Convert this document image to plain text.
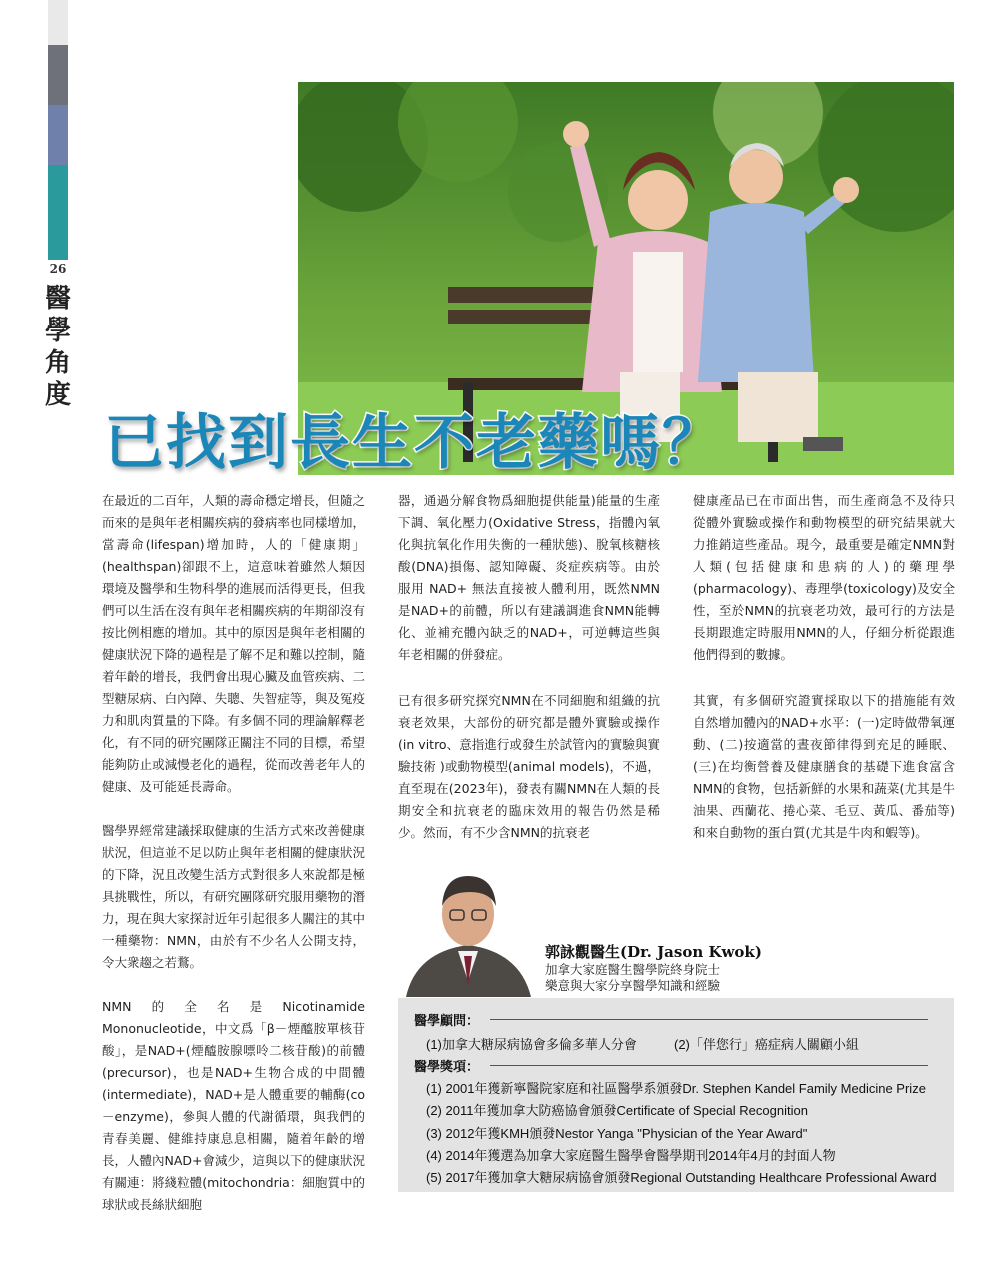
26
醫
學
角
度
已找到長生不老藥嗎？

在最近的二百年，人類的壽命穩定增長，但隨之而來的是與年老相關疾病的發病率也同樣增加，當壽命(lifespan)增加時，人的「健康期」(healthspan)卻跟不上，這意味着雖然人類因環境及醫學和生物科學的進展而活得更長，但我們可以生活在沒有與年老相關疾病的年期卻沒有按比例相應的增加。其中的原因是與年老相關的健康狀況下降的過程是了解不足和難以控制，隨着年齡的增長，我們會出現心臟及血管疾病、二型糖尿病、白內障、失聰、失智症等，與及冤疫力和肌肉質量的下降。有多個不同的理論解釋老化，有不同的研究團隊正關注不同的目標，希望能夠防止或減慢老化的過程，從而改善老年人的健康、及可能延長壽命。

醫學界經常建議採取健康的生活方式來改善健康狀況，但這並不足以防止與年老相關的健康狀況的下降，況且改變生活方式對很多人來說都是極具挑戰性，所以，有研究團隊研究服用藥物的潛力，現在與大家探討近年引起很多人關注的其中一種藥物：NMN，由於有不少名人公開支持，令大衆趨之若鶩。

NMN的全名是Nicotinamide Mononucleotide，中文爲「β－煙醯胺單核苷酸」，是NAD+(煙醯胺腺嘌呤二核苷酸)的前體(precursor)，也是NAD+生物合成的中間體(intermediate)，NAD+是人體重要的輔酶(co－enzyme)，參與人體的代謝循環，與我們的青春美麗、健維持康息息相關，隨着年齡的增長，人體內NAD+會減少，這與以下的健康狀況有關連：將綫粒體(mitochondria：細胞質中的球狀或長絲狀細胞

器，通過分解食物爲細胞提供能量)能量的生產下調、氧化壓力(Oxidative Stress，指體內氧化與抗氧化作用失衡的一種狀態)、脫氧核糖核酸(DNA)損傷、認知障礙、炎症疾病等。由於服用 NAD+ 無法直接被人體利用，既然NMN是NAD+的前體，所以有建議調進食NMN能轉化、並補充體內缺乏的NAD+，可逆轉這些與年老相關的併發症。

已有很多研究探究NMN在不同細胞和組織的抗衰老效果，大部份的研究都是體外實驗或操作(in vitro、意指進行或發生於試管內的實驗與實驗技術 )或動物模型(animal models)，不過，直至現在(2023年)，發表有關NMN在人類的長期安全和抗衰老的臨床效用的報告仍然是稀少。然而，有不少含NMN的抗衰老

健康產品已在市面出售，而生產商急不及待只從體外實驗或操作和動物模型的研究結果就大力推銷這些產品。現今，最重要是確定NMN對人類(包括健康和患病的人)的藥理學(pharmacology)、毒理學(toxicology)及安全性，至於NMN的抗衰老功效，最可行的方法是長期跟進定時服用NMN的人，仔細分析從跟進他們得到的數據。

其實，有多個研究證實採取以下的措施能有效自然增加體內的NAD+水平：(一)定時做帶氧運動、(二)按適當的晝夜節律得到充足的睡眠、(三)在均衡營養及健康膳食的基礎下進食富含NMN的食物，包括新鮮的水果和蔬菜(尤其是牛油果、西蘭花、捲心菜、毛豆、黃瓜、番茄等)和來自動物的蛋白質(尤其是牛肉和蝦等)。

郭詠觀醫生(Dr. Jason Kwok)
加拿大家庭醫生醫學院終身院士
樂意與大家分享醫學知識和經驗
醫學顧問：
(1)加拿大糖尿病協會多倫多華人分會	(2)「伴您行」癌症病人關顧小組
醫學獎項：
(1) 2001年獲新寧醫院家庭和社區醫學系頒發Dr. Stephen Kandel Family Medicine Prize
(2) 2011年獲加拿大防癌協會頒發Certificate of Special Recognition
(3) 2012年獲KMH頒發Nestor Yanga "Physician of the Year Award"
(4) 2014年獲選為加拿大家庭醫生醫學會醫學期刊2014年4月的封面人物
(5) 2017年獲加拿大糖尿病協會頒發Regional Outstanding Healthcare Professional Award
